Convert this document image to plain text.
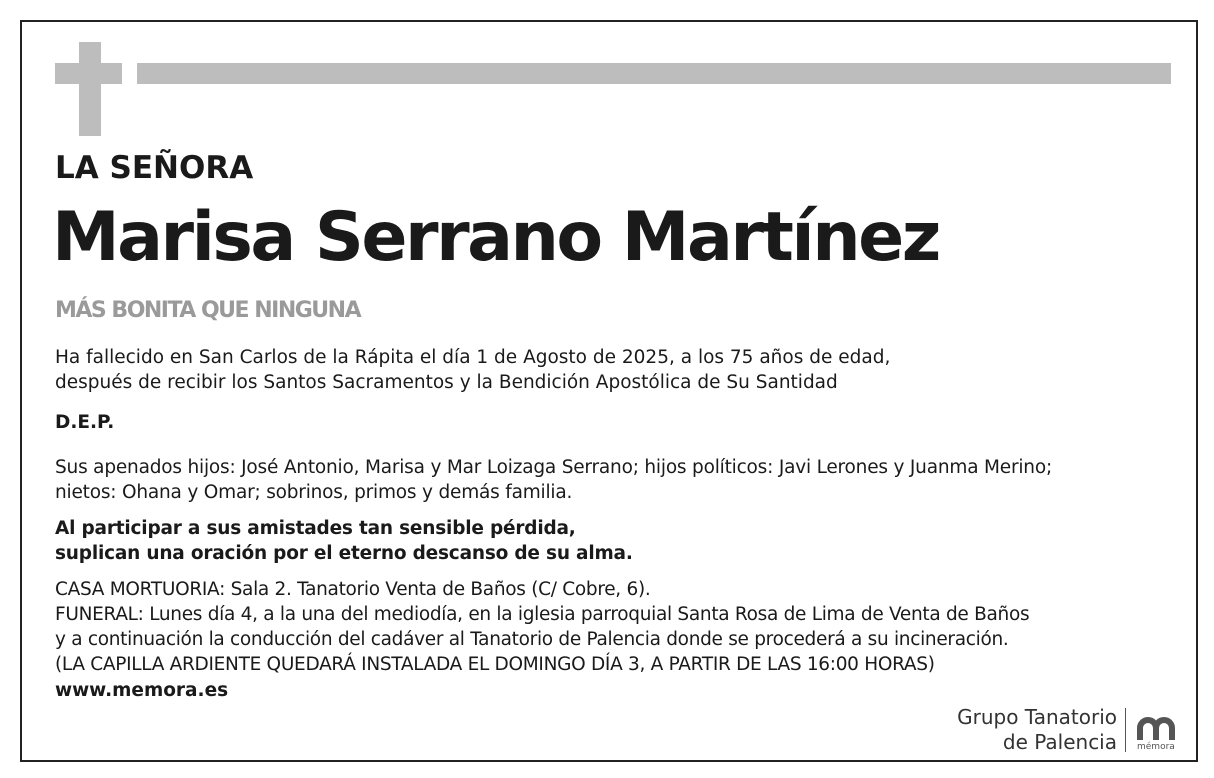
LA SEÑORA
Marisa Serrano Martínez
MÁS BONITA QUE NINGUNA
Ha fallecido en San Carlos de la Rápita el día 1 de Agosto de 2025, a los 75 años de edad,
después de recibir los Santos Sacramentos y la Bendición Apostólica de Su Santidad
D.E.P.
Sus apenados hijos: José Antonio, Marisa y Mar Loizaga Serrano; hijos políticos: Javi Lerones y Juanma Merino;
nietos: Ohana y Omar; sobrinos, primos y demás familia.
Al participar a sus amistades tan sensible pérdida,
suplican una oración por el eterno descanso de su alma.
CASA MORTUORIA: Sala 2. Tanatorio Venta de Baños (C/ Cobre, 6).
FUNERAL: Lunes día 4, a la una del mediodía, en la iglesia parroquial Santa Rosa de Lima de Venta de Baños
y a continuación la conducción del cadáver al Tanatorio de Palencia donde se procederá a su incineración.
(LA CAPILLA ARDIENTE QUEDARÁ INSTALADA EL DOMINGO DÍA 3, A PARTIR DE LAS 16:00 HORAS)
www.memora.es
Grupo Tanatorio
de Palencia mémora
